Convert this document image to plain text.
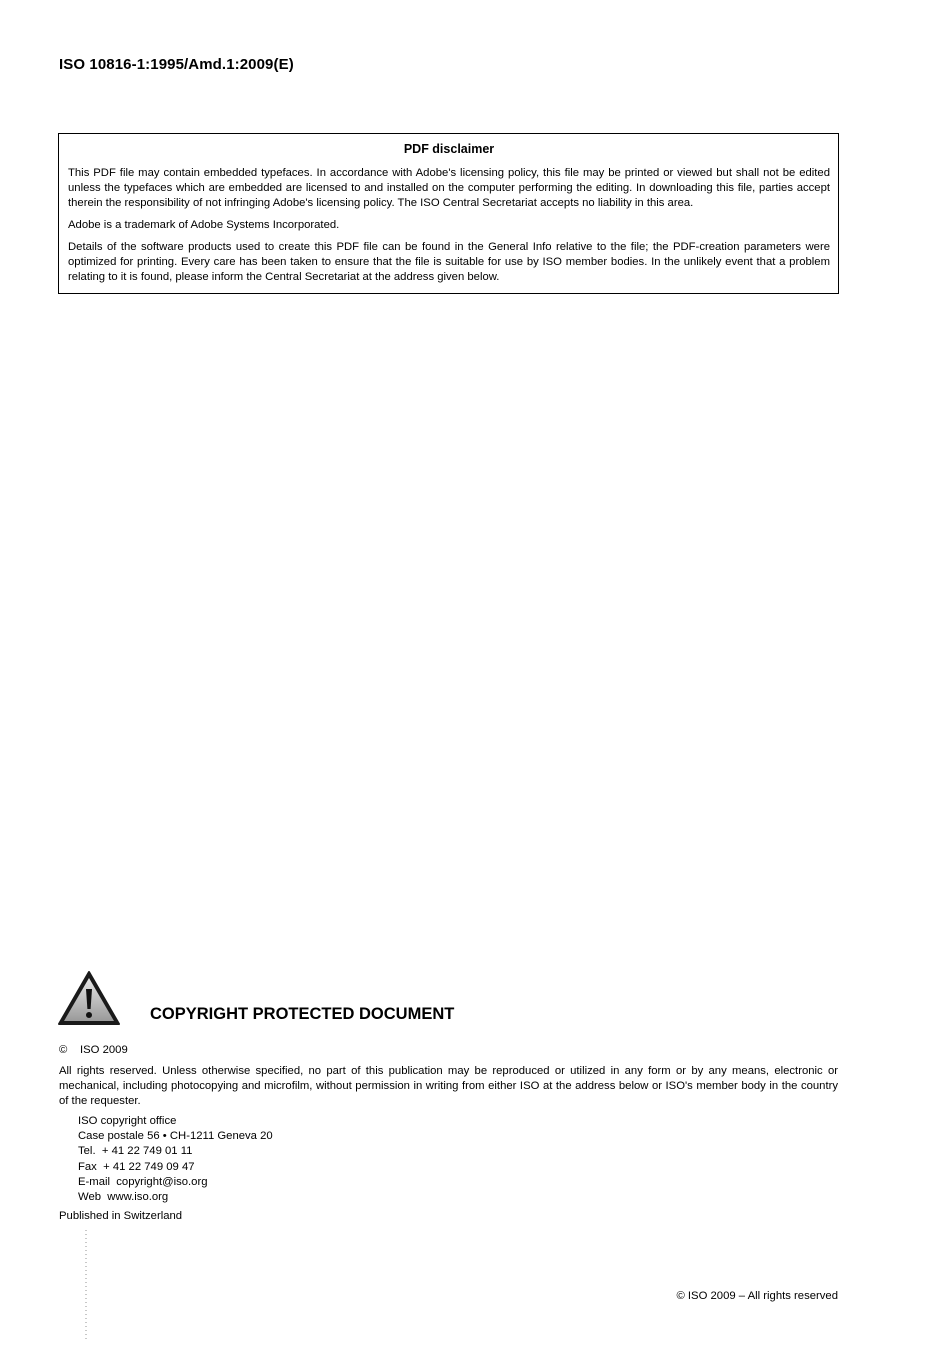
ISO 10816-1:1995/Amd.1:2009(E)
PDF disclaimer

This PDF file may contain embedded typefaces. In accordance with Adobe's licensing policy, this file may be printed or viewed but shall not be edited unless the typefaces which are embedded are licensed to and installed on the computer performing the editing. In downloading this file, parties accept therein the responsibility of not infringing Adobe's licensing policy. The ISO Central Secretariat accepts no liability in this area.

Adobe is a trademark of Adobe Systems Incorporated.

Details of the software products used to create this PDF file can be found in the General Info relative to the file; the PDF-creation parameters were optimized for printing. Every care has been taken to ensure that the file is suitable for use by ISO member bodies. In the unlikely event that a problem relating to it is found, please inform the Central Secretariat at the address given below.

COPYRIGHT PROTECTED DOCUMENT
© ISO 2009
All rights reserved. Unless otherwise specified, no part of this publication may be reproduced or utilized in any form or by any means, electronic or mechanical, including photocopying and microfilm, without permission in writing from either ISO at the address below or ISO's member body in the country of the requester.
ISO copyright office
Case postale 56 • CH-1211 Geneva 20
Tel.  + 41 22 749 01 11
Fax  + 41 22 749 09 47
E-mail  copyright@iso.org
Web  www.iso.org
Published in Switzerland
© ISO 2009 – All rights reserved
